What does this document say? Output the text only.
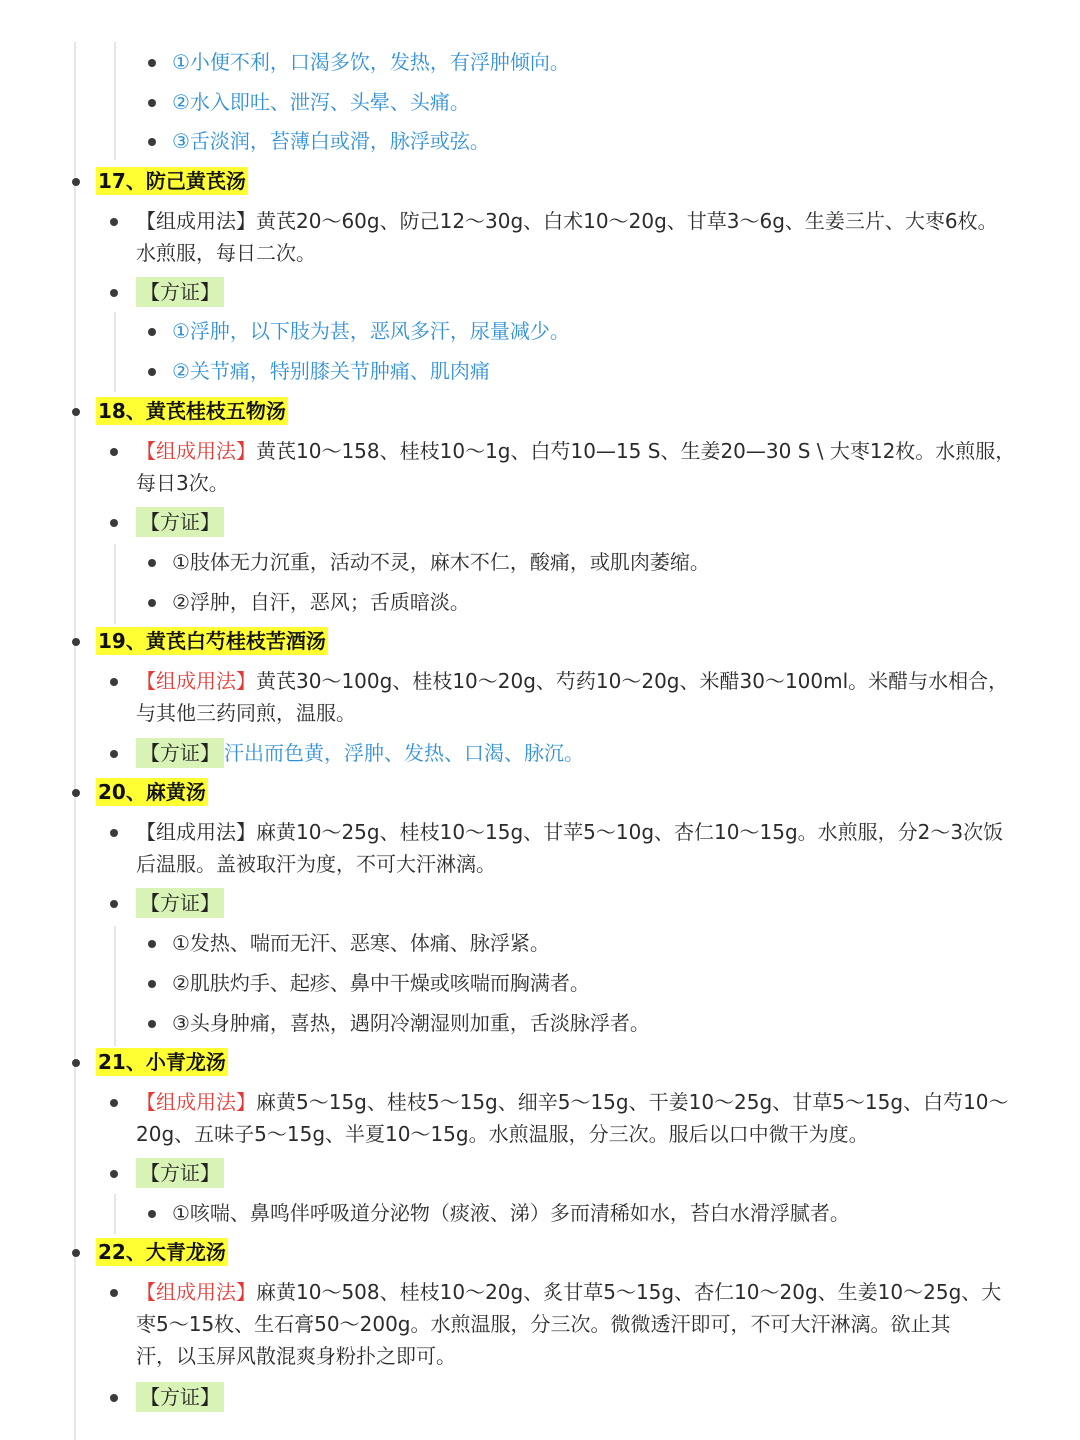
①小便不利，口渴多饮，发热，有浮肿倾向。
②水入即吐、泄泻、头晕、头痛。
③舌淡润，苔薄白或滑，脉浮或弦。
17、防己黄芪汤
【组成用法】黄芪20～60g、防己12～30g、白术10～20g、甘草3～6g、生姜三片、大枣6枚。
水煎服，每日二次。
【方证】
①浮肿，以下肢为甚，恶风多汗，尿量减少。
②关节痛，特别膝关节肿痛、肌肉痛
18、黄芪桂枝五物汤
【组成用法】黄芪10～158、桂枝10～1g、白芍10—15 S、生姜20—30 S \ 大枣12枚。水煎服，
每日3次。
【方证】
①肢体无力沉重，活动不灵，麻木不仁，酸痛，或肌肉萎缩。
②浮肿，自汗，恶风；舌质暗淡。
19、黄芪白芍桂枝苦酒汤
【组成用法】黄芪30～100g、桂枝10～20g、芍药10～20g、米醋30～100ml。米醋与水相合，
与其他三药同煎，温服。
【方证】 汗出而色黄，浮肿、发热、口渴、脉沉。
20、麻黄汤
【组成用法】麻黄10～25g、桂枝10～15g、甘苹5～10g、杏仁10～15g。水煎服，分2～3次饭
后温服。盖被取汗为度，不可大汗淋漓。
【方证】
①发热、喘而无汗、恶寒、体痛、脉浮紧。
②肌肤灼手、起疹、鼻中干燥或咳喘而胸满者。
③头身肿痛，喜热，遇阴冷潮湿则加重，舌淡脉浮者。
21、小青龙汤
【组成用法】麻黄5～15g、桂枝5～15g、细辛5～15g、干姜10～25g、甘草5～15g、白芍10～
20g、五味子5～15g、半夏10～15g。水煎温服，分三次。服后以口中微干为度。
【方证】
①咳喘、鼻鸣伴呼吸道分泌物（痰液、涕）多而清稀如水，苔白水滑浮腻者。
22、大青龙汤
【组成用法】麻黄10～508、桂枝10～20g、炙甘草5～15g、杏仁10～20g、生姜10～25g、大
枣5～15枚、生石膏50～200g。水煎温服，分三次。微微透汗即可，不可大汗淋漓。欲止其
汗，以玉屏风散混爽身粉扑之即可。
【方证】
